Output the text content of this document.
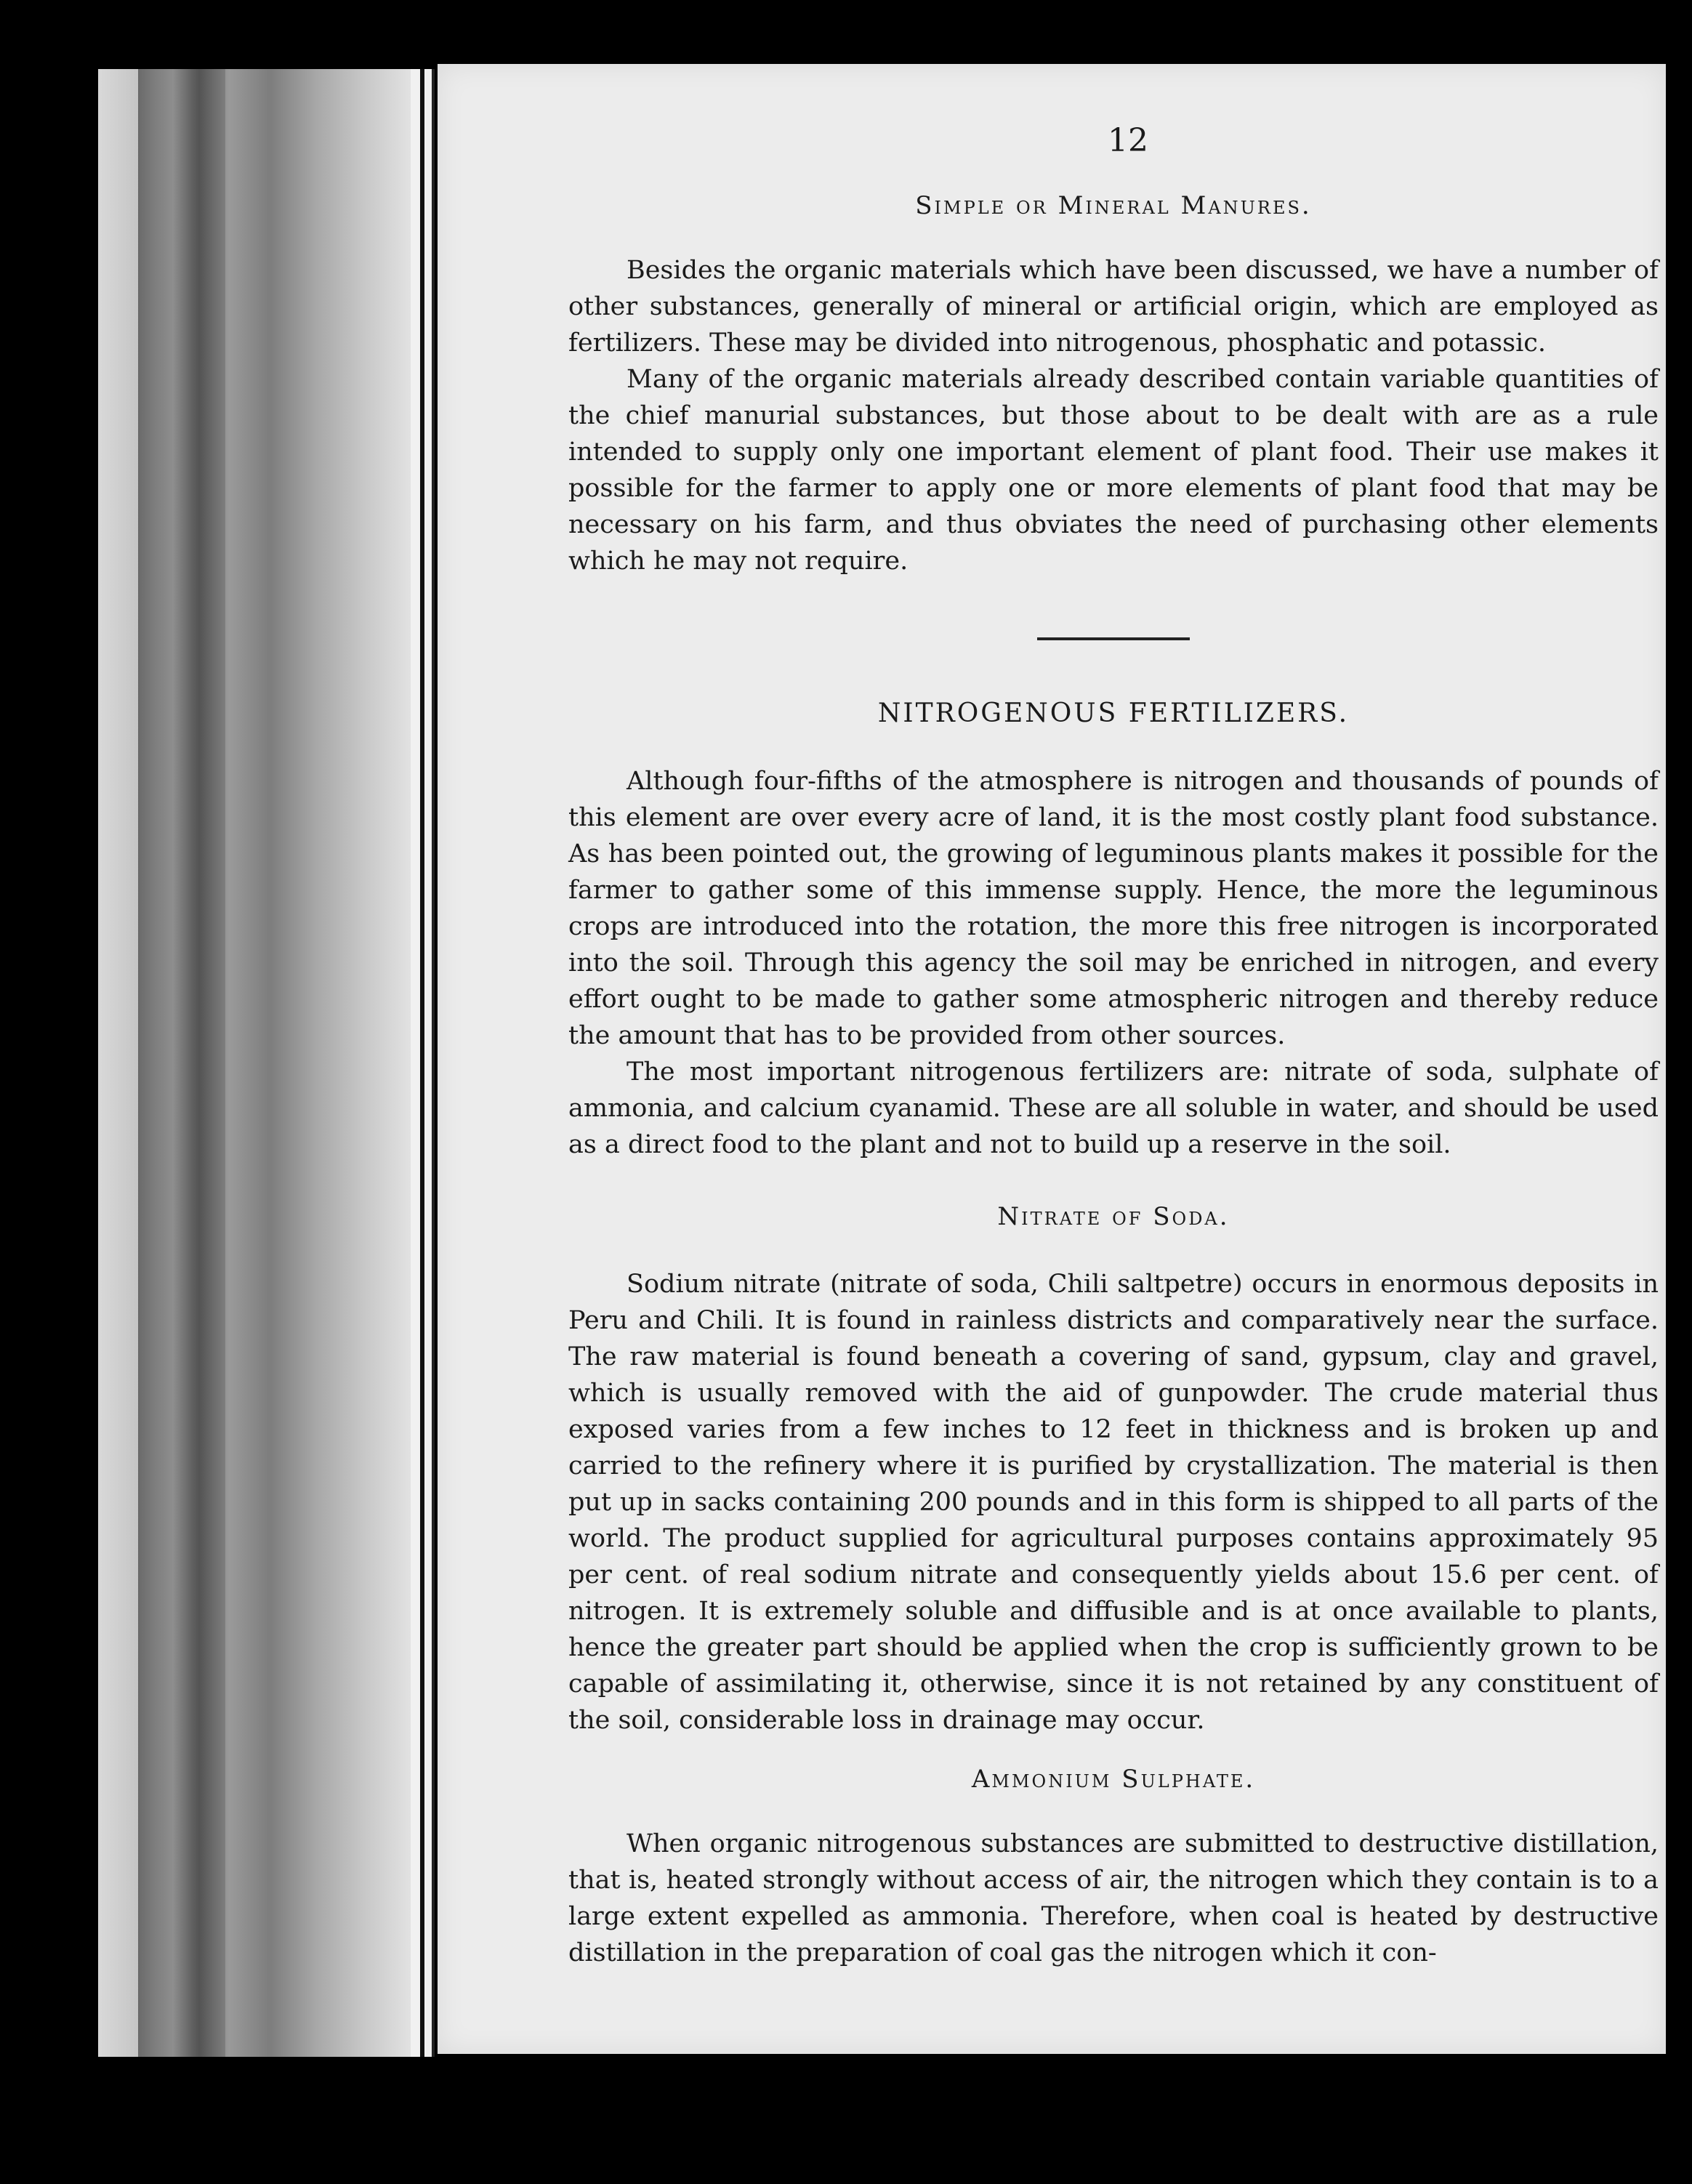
12
Simple or Mineral Manures.

Besides the organic materials which have been discussed, we have a number of other substances, generally of mineral or artificial origin, which are employed as fertilizers. These may be divided into nitrogenous, phosphatic and potassic.

Many of the organic materials already described contain variable quantities of the chief manurial substances, but those about to be dealt with are as a rule intended to supply only one important element of plant food. Their use makes it possible for the farmer to apply one or more elements of plant food that may be necessary on his farm, and thus obviates the need of purchasing other elements which he may not require.

NITROGENOUS FERTILIZERS.

Although four-fifths of the atmosphere is nitrogen and thousands of pounds of this element are over every acre of land, it is the most costly plant food substance. As has been pointed out, the growing of leguminous plants makes it possible for the farmer to gather some of this immense supply. Hence, the more the leguminous crops are introduced into the rotation, the more this free nitrogen is incorporated into the soil. Through this agency the soil may be enriched in nitrogen, and every effort ought to be made to gather some atmospheric nitrogen and thereby reduce the amount that has to be provided from other sources.

The most important nitrogenous fertilizers are: nitrate of soda, sulphate of ammonia, and calcium cyanamid. These are all soluble in water, and should be used as a direct food to the plant and not to build up a reserve in the soil.

Nitrate of Soda.

Sodium nitrate (nitrate of soda, Chili saltpetre) occurs in enormous deposits in Peru and Chili. It is found in rainless districts and comparatively near the surface. The raw material is found beneath a covering of sand, gypsum, clay and gravel, which is usually removed with the aid of gunpowder. The crude material thus exposed varies from a few inches to 12 feet in thickness and is broken up and carried to the refinery where it is purified by crystallization. The material is then put up in sacks containing 200 pounds and in this form is shipped to all parts of the world. The product supplied for agricultural purposes contains approximately 95 per cent. of real sodium nitrate and consequently yields about 15.6 per cent. of nitrogen. It is extremely soluble and diffusible and is at once available to plants, hence the greater part should be applied when the crop is sufficiently grown to be capable of assimilating it, otherwise, since it is not retained by any constituent of the soil, considerable loss in drainage may occur.

Ammonium Sulphate.

When organic nitrogenous substances are submitted to destructive distillation, that is, heated strongly without access of air, the nitrogen which they contain is to a large extent expelled as ammonia. Therefore, when coal is heated by destructive distillation in the preparation of coal gas the nitrogen which it con-
